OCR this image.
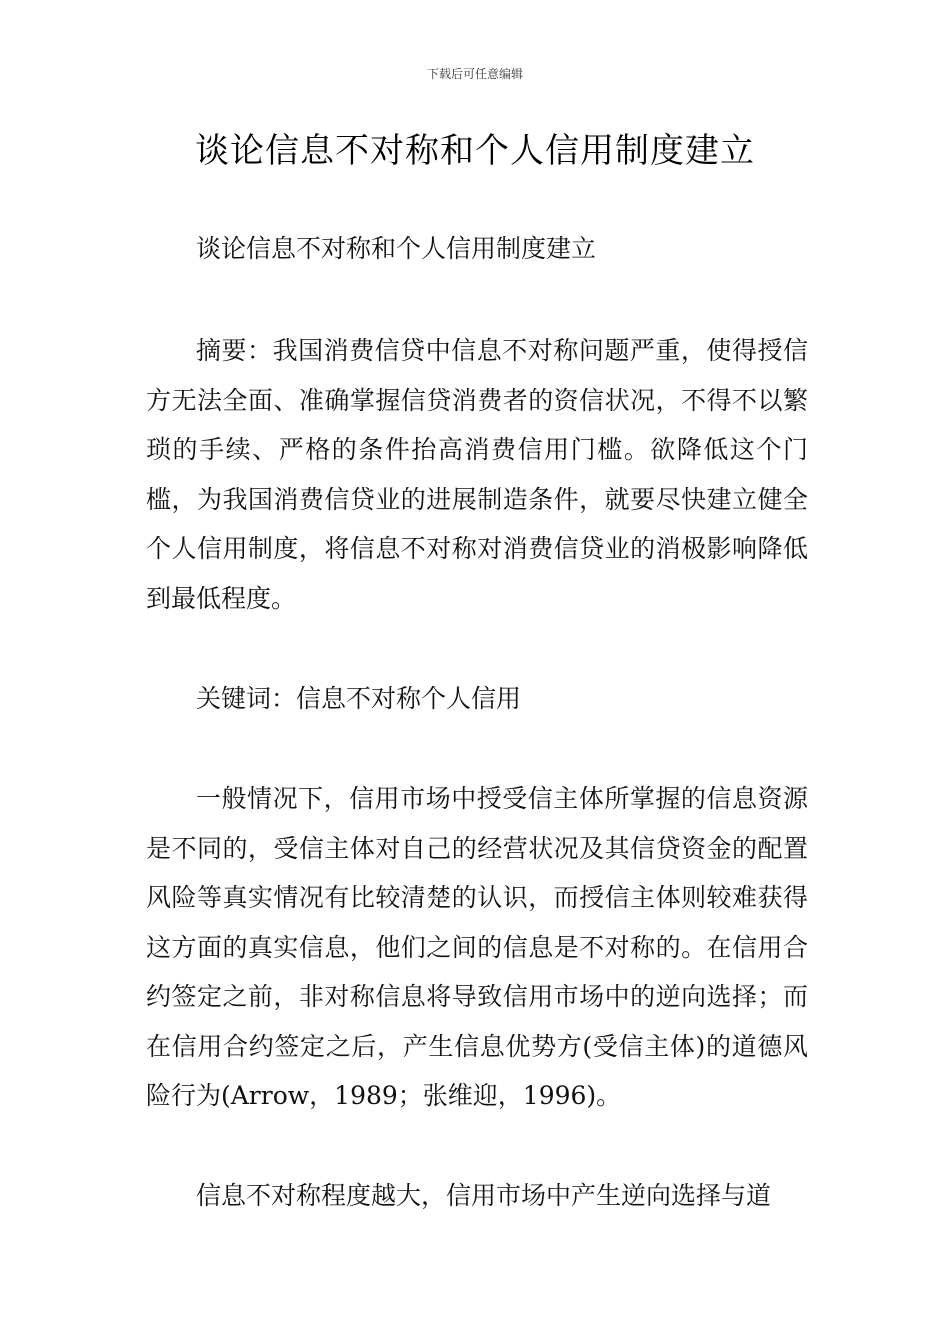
下载后可任意编辑
谈论信息不对称和个人信用制度建立

谈论信息不对称和个人信用制度建立

摘要：我国消费信贷中信息不对称问题严重，使得授信方无法全面、准确掌握信贷消费者的资信状况，不得不以繁琐的手续、严格的条件抬高消费信用门槛。欲降低这个门槛，为我国消费信贷业的进展制造条件，就要尽快建立健全个人信用制度，将信息不对称对消费信贷业的消极影响降低到最低程度。

关键词：信息不对称个人信用

一般情况下，信用市场中授受信主体所掌握的信息资源是不同的，受信主体对自己的经营状况及其信贷资金的配置风险等真实情况有比较清楚的认识，而授信主体则较难获得这方面的真实信息，他们之间的信息是不对称的。在信用合约签定之前，非对称信息将导致信用市场中的逆向选择；而在信用合约签定之后，产生信息优势方(受信主体)的道德风险行为(Arrow，1989；张维迎，1996)。

信息不对称程度越大，信用市场中产生逆向选择与道
